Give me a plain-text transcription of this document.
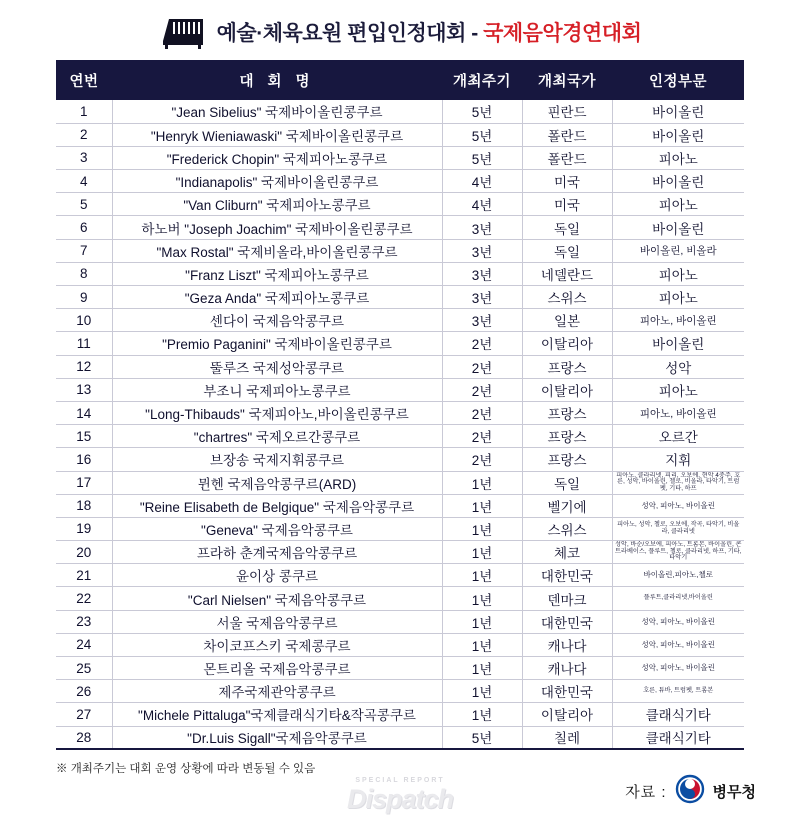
예술·체육요원 편입인정대회 - 국제음악경연대회
연번	대 회 명	개최주기	개최국가	인정부문
1	"Jean Sibelius" 국제바이올린콩쿠르	5년	핀란드	바이올린
2	"Henryk Wieniawaski" 국제바이올린콩쿠르	5년	폴란드	바이올린
3	"Frederick Chopin" 국제피아노콩쿠르	5년	폴란드	피아노
4	"Indianapolis" 국제바이올린콩쿠르	4년	미국	바이올린
5	"Van Cliburn" 국제피아노콩쿠르	4년	미국	피아노
6	하노버 "Joseph Joachim" 국제바이올린콩쿠르	3년	독일	바이올린
7	"Max Rostal" 국제비올라,바이올린콩쿠르	3년	독일	바이올린, 비올라
8	"Franz Liszt" 국제피아노콩쿠르	3년	네델란드	피아노
9	"Geza Anda" 국제피아노콩쿠르	3년	스위스	피아노
10	센다이 국제음악콩쿠르	3년	일본	피아노, 바이올린
11	"Premio Paganini" 국제바이올린콩쿠르	2년	이탈리아	바이올린
12	뚤루즈 국제성악콩쿠르	2년	프랑스	성악
13	부조니 국제피아노콩쿠르	2년	이탈리아	피아노
14	"Long-Thibauds" 국제피아노,바이올린콩쿠르	2년	프랑스	피아노, 바이올린
15	"chartres" 국제오르간콩쿠르	2년	프랑스	오르간
16	브장송 국제지휘콩쿠르	2년	프랑스	지휘
17	뮌헨 국제음악콩쿠르(ARD)	1년	독일	피아노, 클라리넷, 피리, 오보에, 현악 4중주, 호른, 성악, 바이올린, 첼로, 비올라, 타악기, 트럼펫, 기타, 하프
18	"Reine Elisabeth de Belgique" 국제음악콩쿠르	1년	벨기에	성악, 피아노, 바이올린
19	"Geneva" 국제음악콩쿠르	1년	스위스	피아노, 성악, 첼로, 오보에, 작곡, 타악기, 비올라, 클라리넷
20	프라하 춘계국제음악콩쿠르	1년	체코	성악, 바순/오보에, 피아노, 트롬본, 바이올린, 콘트라베이스, 플루트, 첼로, 클라리넷, 하프, 기타, 타악기
21	윤이상 콩쿠르	1년	대한민국	바이올린,피아노,첼로
22	"Carl Nielsen" 국제음악콩쿠르	1년	덴마크	플루트,클라리넷,바이올린
23	서울 국제음악콩쿠르	1년	대한민국	성악, 피아노, 바이올린
24	차이코프스키 국제콩쿠르	1년	캐나다	성악, 피아노, 바이올린
25	몬트리올 국제음악콩쿠르	1년	캐나다	성악, 피아노, 바이올린
26	제주국제관악콩쿠르	1년	대한민국	호른, 튜바, 트럼펫, 트롬본
27	"Michele Pittaluga"국제클래식기타&작곡콩쿠르	1년	이탈리아	클래식기타
28	"Dr.Luis Sigall"국제음악콩쿠르	5년	칠레	클래식기타
※ 개최주기는 대회 운영 상황에 따라 변동될 수 있음
SPECIAL REPORT
Dispatch	자료 :	병무청
